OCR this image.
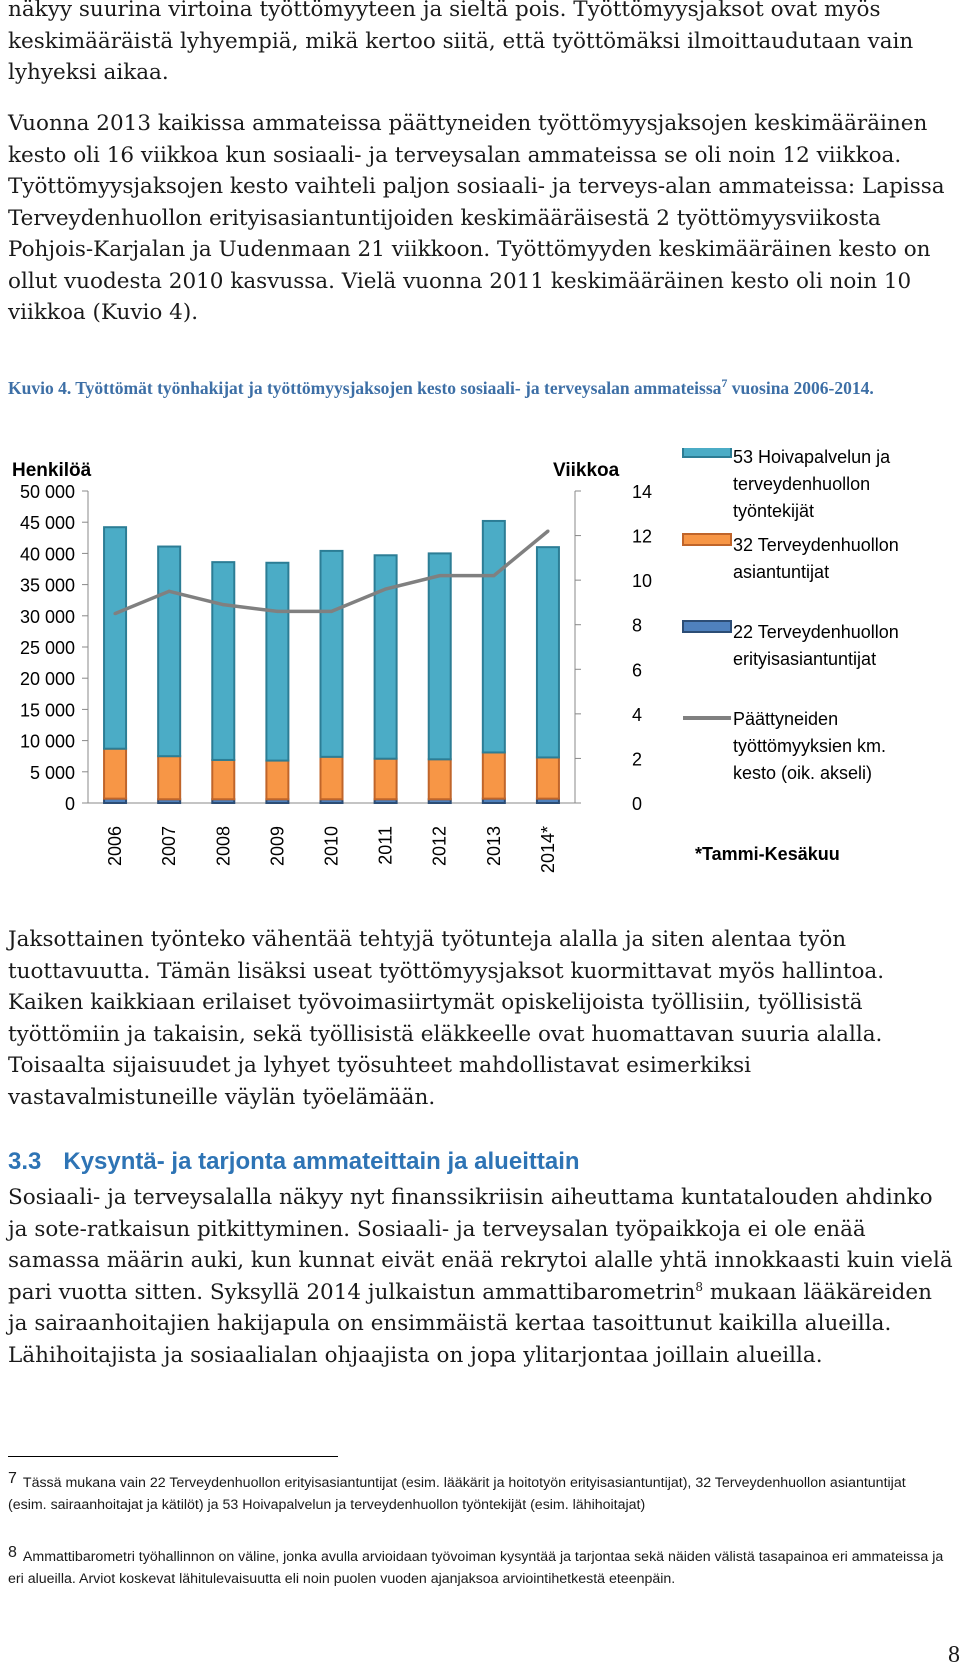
näkyy suurina virtoina työttömyyteen ja sieltä pois. Työttömyysjaksot ovat myös keskimääräistä lyhyempiä, mikä kertoo siitä, että työttömäksi ilmoittaudutaan vain lyhyeksi aikaa.

Vuonna 2013 kaikissa ammateissa päättyneiden työttömyysjaksojen keskimääräinen kesto oli 16 viikkoa kun sosiaali- ja terveysalan ammateissa se oli noin 12 viikkoa. Työttömyysjaksojen kesto vaihteli paljon sosiaali- ja terveys-alan ammateissa: Lapissa Terveydenhuollon erityisasiantuntijoiden keskimääräisestä 2 työttömyysviikosta Pohjois-Karjalan ja Uudenmaan 21 viikkoon. Työttömyyden keskimääräinen kesto on ollut vuodesta 2010 kasvussa. Vielä vuonna 2011 keskimääräinen kesto oli noin 10 viikkoa (Kuvio 4).

Kuvio 4. Työttömät työnhakijat ja työttömyysjaksojen kesto sosiaali- ja terveysalan ammateissa$^7$ vuosina 2006-2014.

Henkilöä	Viikkoa
0
5 000
10 000
15 000
20 000
25 000
30 000
35 000
40 000
45 000
50 000
0
2
4
6
8
10
12
14
2006 2007 2008 2009 2010 2011 2012 2013 2014*
53 Hoivapalvelun ja
terveydenhuollon
työntekijät
32 Terveydenhuollon
asiantuntijat
22 Terveydenhuollon
erityisasiantuntijat
Päättyneiden
työttömyyksien km.
kesto (oik. akseli)
*Tammi-Kesäkuu

Jaksottainen työnteko vähentää tehtyjä työtunteja alalla ja siten alentaa työn tuottavuutta. Tämän lisäksi useat työttömyysjaksot kuormittavat myös hallintoa. Kaiken kaikkiaan erilaiset työvoimasiirtymät opiskelijoista työllisiin, työllisistä työttömiin ja takaisin, sekä työllisistä eläkkeelle ovat huomattavan suuria alalla. Toisaalta sijaisuudet ja lyhyet työsuhteet mahdollistavat esimerkiksi vastavalmistuneille väylän työelämään.

3.3 Kysyntä- ja tarjonta ammateittain ja alueittain

Sosiaali- ja terveysalalla näkyy nyt finanssikriisin aiheuttama kuntatalouden ahdinko ja sote-ratkaisun pitkittyminen. Sosiaali- ja terveysalan työpaikkoja ei ole enää samassa määrin auki, kun kunnat eivät enää rekrytoi alalle yhtä innokkaasti kuin vielä pari vuotta sitten. Syksyllä 2014 julkaistun ammattibarometrin$^8$ mukaan lääkäreiden ja sairaanhoitajien hakijapula on ensimmäistä kertaa tasoittunut kaikilla alueilla. Lähihoitajista ja sosiaalialan ohjaajista on jopa ylitarjontaa joillain alueilla.

7 Tässä mukana vain 22 Terveydenhuollon erityisasiantuntijat (esim. lääkärit ja hoitotyön erityisasiantuntijat), 32 Terveydenhuollon asiantuntijat (esim. sairaanhoitajat ja kätilöt) ja 53 Hoivapalvelun ja terveydenhuollon työntekijät (esim. lähihoitajat)

8 Ammattibarometri työhallinnon on väline, jonka avulla arvioidaan työvoiman kysyntää ja tarjontaa sekä näiden välistä tasapainoa eri ammateissa ja eri alueilla. Arviot koskevat lähitulevaisuutta eli noin puolen vuoden ajanjaksoa arviointihetkestä eteenpäin.

8
